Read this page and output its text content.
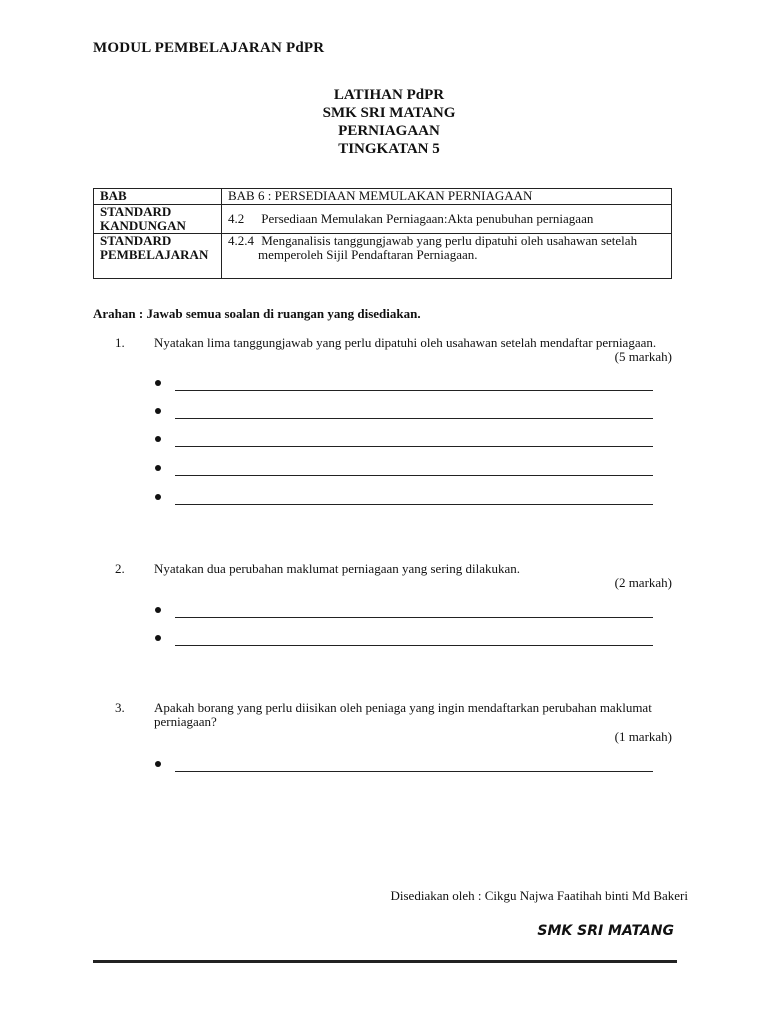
MODUL PEMBELAJARAN PdPR
LATIHAN PdPR
SMK SRI MATANG
PERNIAGAAN
TINGKATAN 5
BAB	BAB 6 : PERSEDIAAN MEMULAKAN PERNIAGAAN
STANDARD KANDUNGAN	4.2 Persediaan Memulakan Perniagaan:Akta penubuhan perniagaan
STANDARD PEMBELAJARAN	4.2.4 Menganalisis tanggungjawab yang perlu dipatuhi oleh usahawan setelah
memperoleh Sijil Pendaftaran Perniagaan.
Arahan : Jawab semua soalan di ruangan yang disediakan.
1. Nyatakan lima tanggungjawab yang perlu dipatuhi oleh usahawan setelah mendaftar perniagaan.
(5 markah)
2. Nyatakan dua perubahan maklumat perniagaan yang sering dilakukan.
(2 markah)
3. Apakah borang yang perlu diisikan oleh peniaga yang ingin mendaftarkan perubahan maklumat
perniagaan?
(1 markah)
Disediakan oleh : Cikgu Najwa Faatihah binti Md Bakeri
SMK SRI MATANG
